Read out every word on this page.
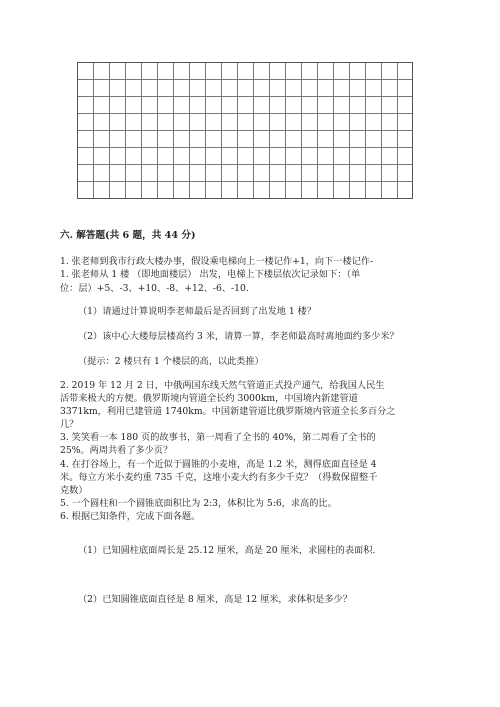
六. 解答题(共 6 题，共 44 分)
1. 张老师到我市行政大楼办事，假设乘电梯向上一楼记作+1，向下一楼记作-
1. 张老师从 1 楼 （即地面楼层） 出发，电梯上下楼层依次记录如下：（单
位：层）+5、-3、+10、-8、+12、-6、-10.
（1）请通过计算说明李老师最后是否回到了出发地 1 楼？
（2）该中心大楼每层楼高约 3 米，请算一算，李老师最高时离地面约多少米？
（提示：2 楼只有 1 个楼层的高，以此类推）
2. 2019 年 12 月 2 日，中俄两国东线天然气管道正式投产通气，给我国人民生
活带来极大的方便。俄罗斯境内管道全长约 3000km，中国境内新建管道
3371km，利用已建管道 1740km。中国新建管道比俄罗斯境内管道全长多百分之
几？
3. 笑笑看一本 180 页的故事书，第一周看了全书的 40%，第二周看了全书的
25%。两周共看了多少页？
4. 在打谷场上，有一个近似于圆锥的小麦堆，高是 1.2 米，测得底面直径是 4
米。每立方米小麦约重 735 千克，这堆小麦大约有多少千克？（得数保留整千
克数）
5. 一个圆柱和一个圆锥底面积比为 2:3，体积比为 5:6，求高的比。
6. 根据已知条件，完成下面各题。
（1）已知圆柱底面周长是 25.12 厘米，高是 20 厘米，求圆柱的表面积.
（2）已知圆锥底面直径是 8 厘米，高是 12 厘米，求体积是多少？
